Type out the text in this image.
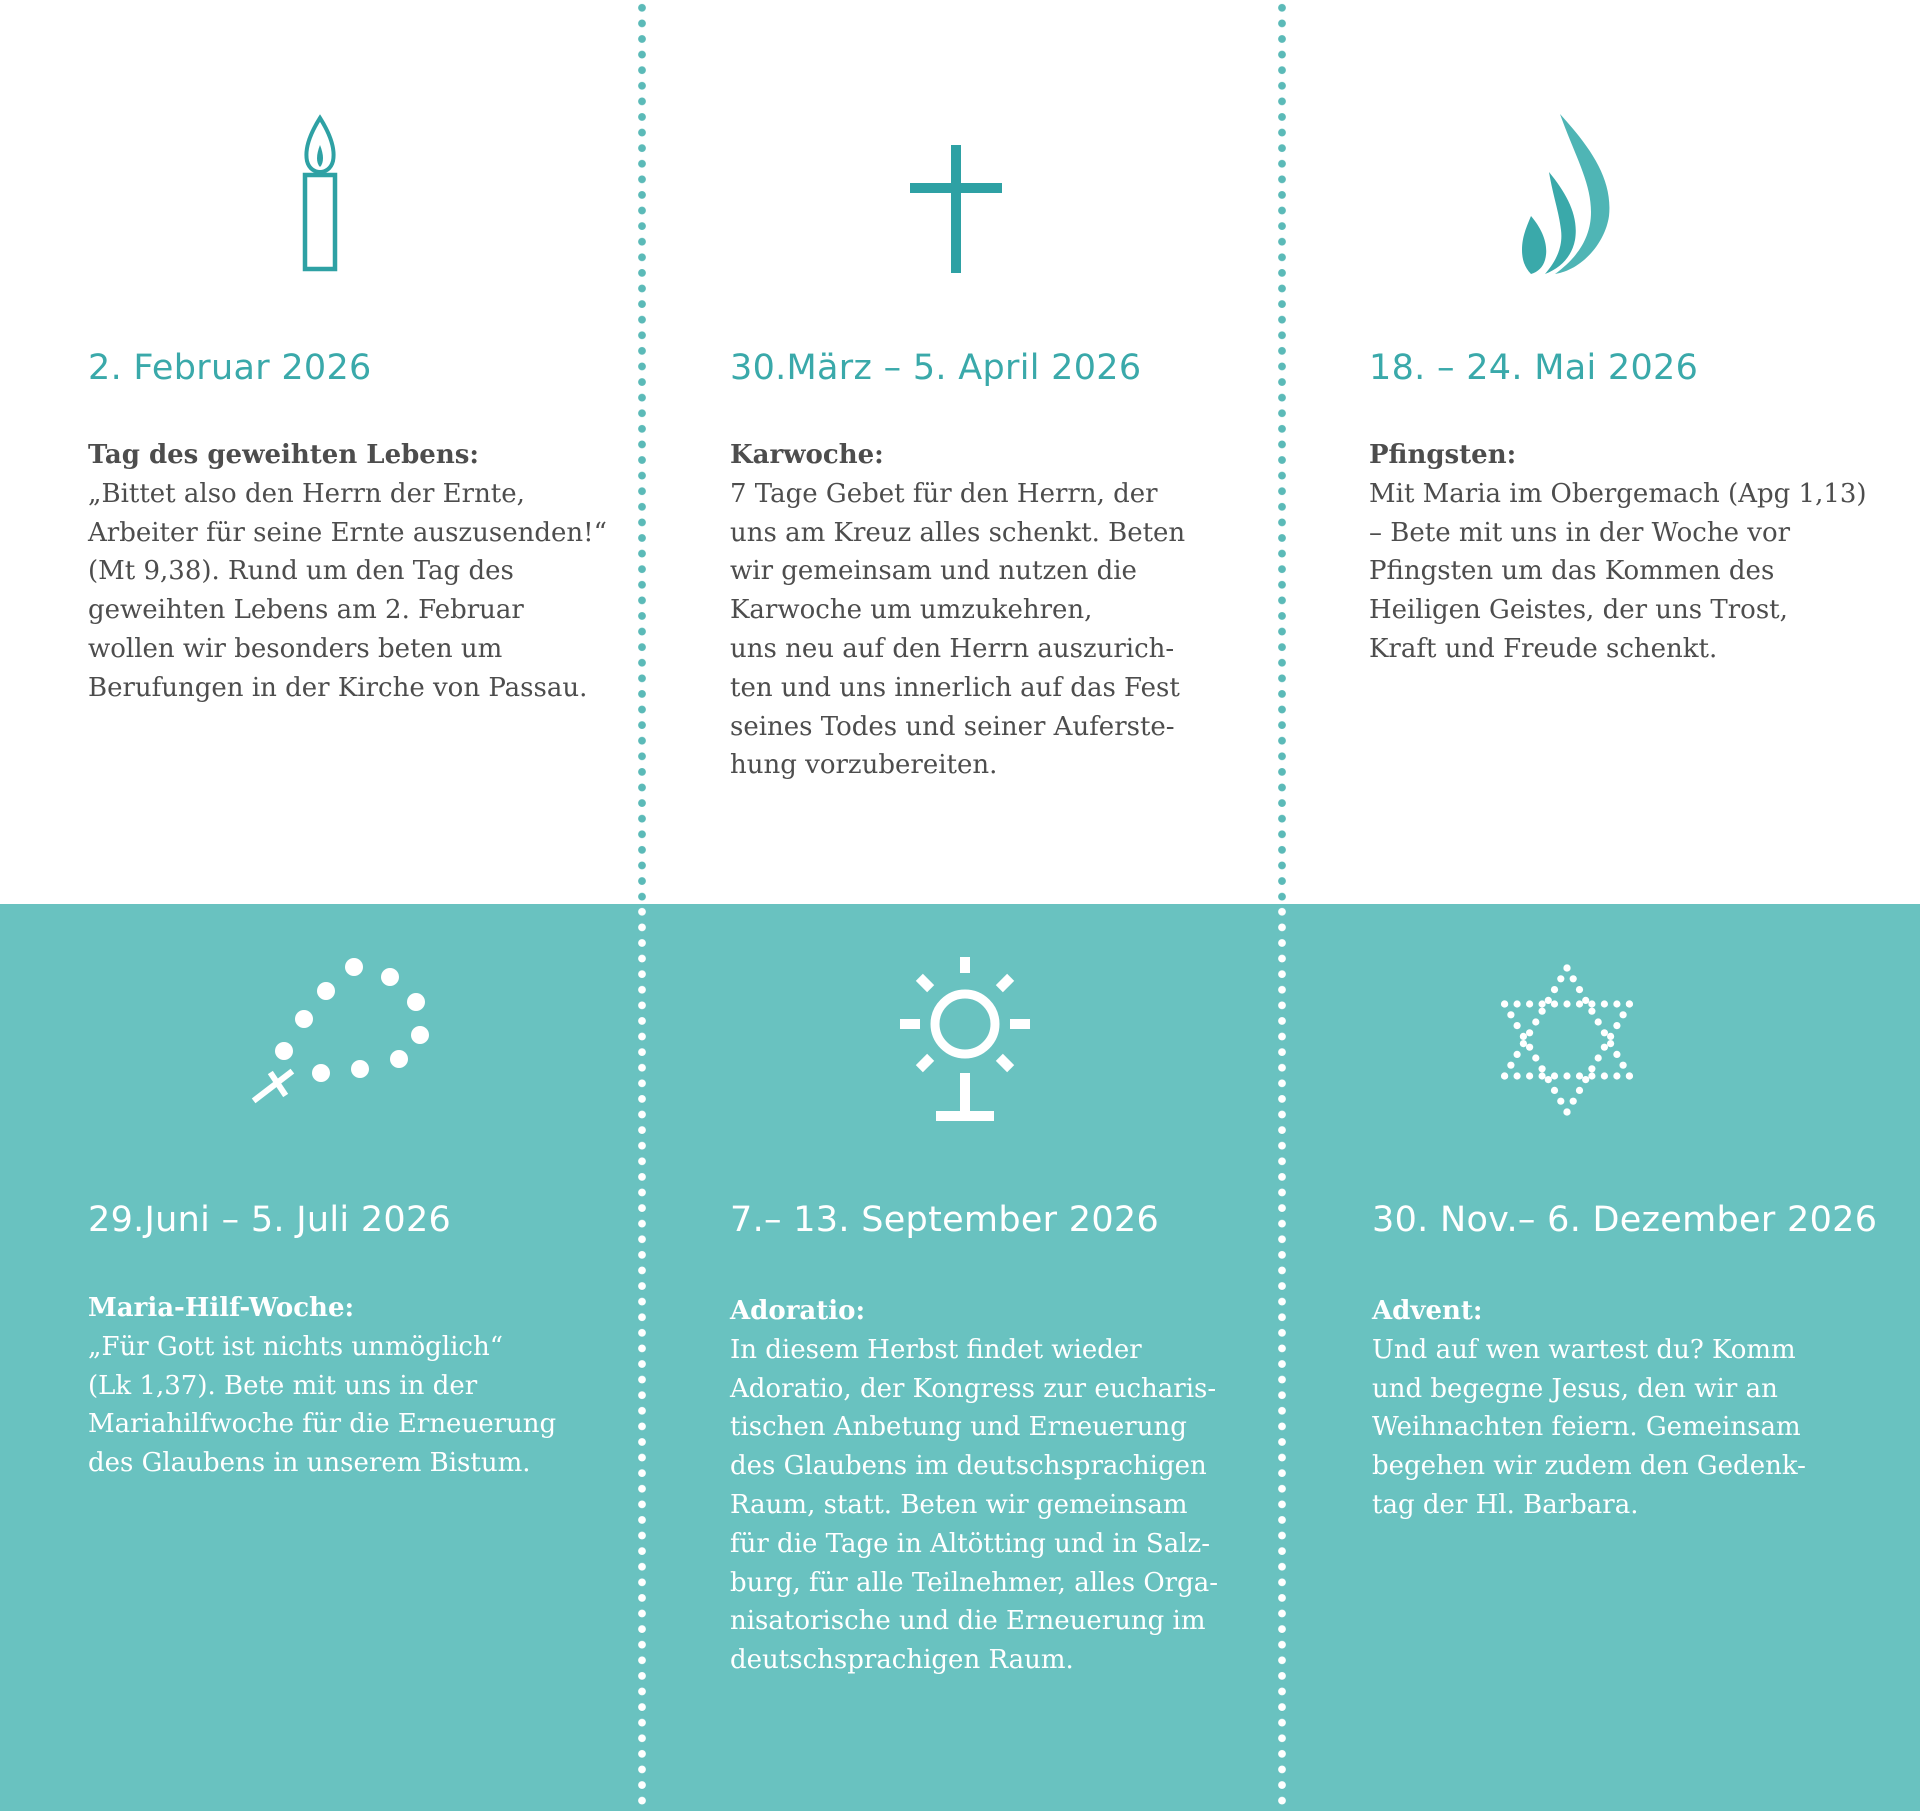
2. Februar 2026
Tag des geweihten Lebens:
„Bittet also den Herrn der Ernte,
Arbeiter für seine Ernte auszusenden!“
(Mt 9,38). Rund um den Tag des
geweihten Lebens am 2. Februar
wollen wir besonders beten um
Berufungen in der Kirche von Passau.
30.März – 5. April 2026
Karwoche:
7 Tage Gebet für den Herrn, der
uns am Kreuz alles schenkt. Beten
wir gemeinsam und nutzen die
Karwoche um umzukehren,
uns neu auf den Herrn auszurich-
ten und uns innerlich auf das Fest
seines Todes und seiner Auferste-
hung vorzubereiten.
18. – 24. Mai 2026
Pfingsten:
Mit Maria im Obergemach (Apg 1,13)
– Bete mit uns in der Woche vor
Pfingsten um das Kommen des
Heiligen Geistes, der uns Trost,
Kraft und Freude schenkt.
29.Juni – 5. Juli 2026
Maria-Hilf-Woche:
„Für Gott ist nichts unmöglich“
(Lk 1,37). Bete mit uns in der
Mariahilfwoche für die Erneuerung
des Glaubens in unserem Bistum.
7.– 13. September 2026
Adoratio:
In diesem Herbst findet wieder
Adoratio, der Kongress zur eucharis-
tischen Anbetung und Erneuerung
des Glaubens im deutschsprachigen
Raum, statt. Beten wir gemeinsam
für die Tage in Altötting und in Salz-
burg, für alle Teilnehmer, alles Orga-
nisatorische und die Erneuerung im
deutschsprachigen Raum.
30. Nov.– 6. Dezember 2026
Advent:
Und auf wen wartest du? Komm
und begegne Jesus, den wir an
Weihnachten feiern. Gemeinsam
begehen wir zudem den Gedenk-
tag der Hl. Barbara.
